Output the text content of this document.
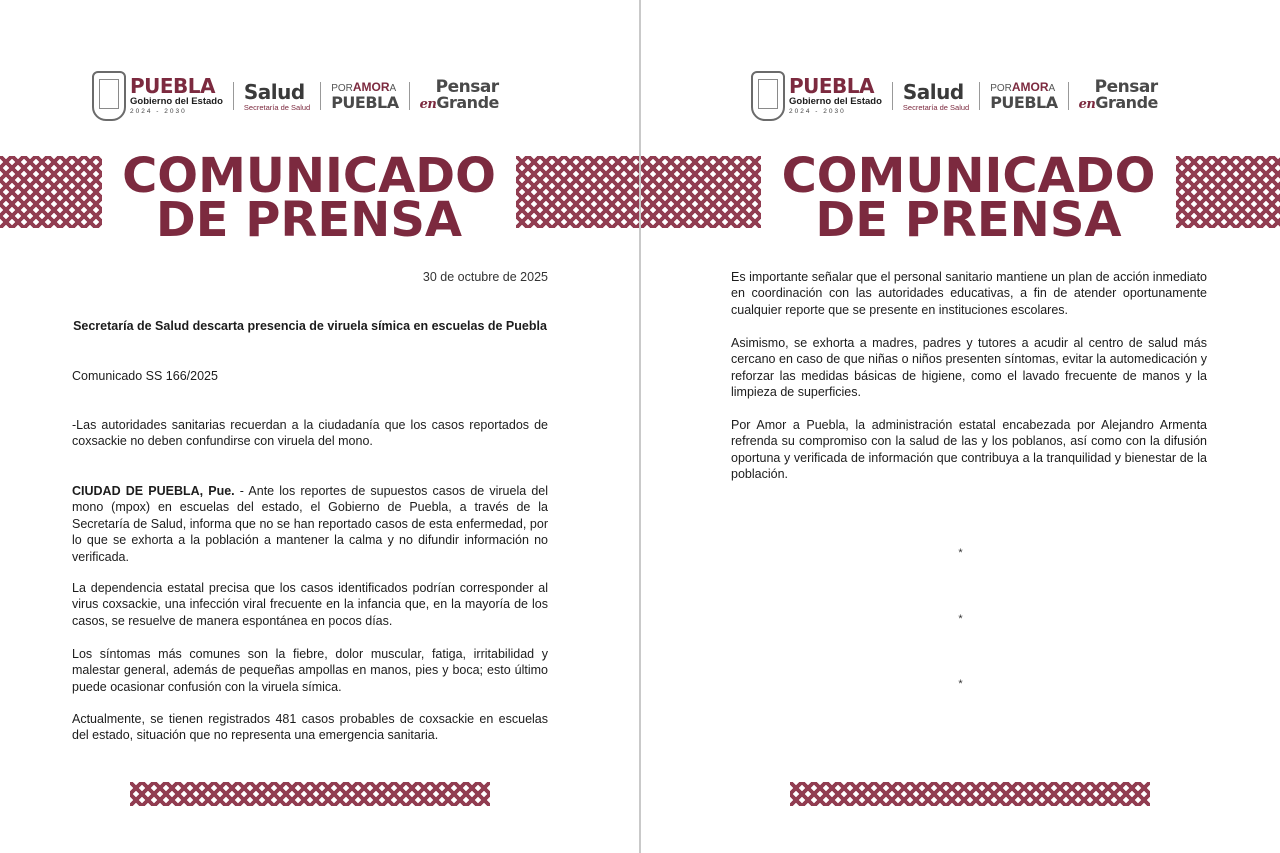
PUEBLA
Gobierno del Estado
2024 - 2030
Salud
Secretaría de Salud
PORAMORA
PUEBLA
Pensar
enGrande
COMUNICADO
DE PRENSA
30 de octubre de 2025
Secretaría de Salud descarta presencia de viruela símica en escuelas de Puebla
Comunicado SS 166/2025
-Las autoridades sanitarias recuerdan a la ciudadanía que los casos reportados de coxsackie no deben confundirse con viruela del mono.
CIUDAD DE PUEBLA, Pue. - Ante los reportes de supuestos casos de viruela del mono (mpox) en escuelas del estado, el Gobierno de Puebla, a través de la Secretaría de Salud, informa que no se han reportado casos de esta enfermedad, por lo que se exhorta a la población a mantener la calma y no difundir información no verificada.
La dependencia estatal precisa que los casos identificados podrían corresponder al virus coxsackie, una infección viral frecuente en la infancia que, en la mayoría de los casos, se resuelve de manera espontánea en pocos días.
Los síntomas más comunes son la fiebre, dolor muscular, fatiga, irritabilidad y malestar general, además de pequeñas ampollas en manos, pies y boca; esto último puede ocasionar confusión con la viruela símica.
Actualmente, se tienen registrados 481 casos probables de coxsackie en escuelas del estado, situación que no representa una emergencia sanitaria.
PUEBLA
Gobierno del Estado
2024 - 2030
Salud
Secretaría de Salud
PORAMORA
PUEBLA
Pensar
enGrande
COMUNICADO
DE PRENSA
Es importante señalar que el personal sanitario mantiene un plan de acción inmediato en coordinación con las autoridades educativas, a fin de atender oportunamente cualquier reporte que se presente en instituciones escolares.
Asimismo, se exhorta a madres, padres y tutores a acudir al centro de salud más cercano en caso de que niñas o niños presenten síntomas, evitar la automedicación y reforzar las medidas básicas de higiene, como el lavado frecuente de manos y la limpieza de superficies.
Por Amor a Puebla, la administración estatal encabezada por Alejandro Armenta refrenda su compromiso con la salud de las y los poblanos, así como con la difusión oportuna y verificada de información que contribuya a la tranquilidad y bienestar de la población.
*
*
*
